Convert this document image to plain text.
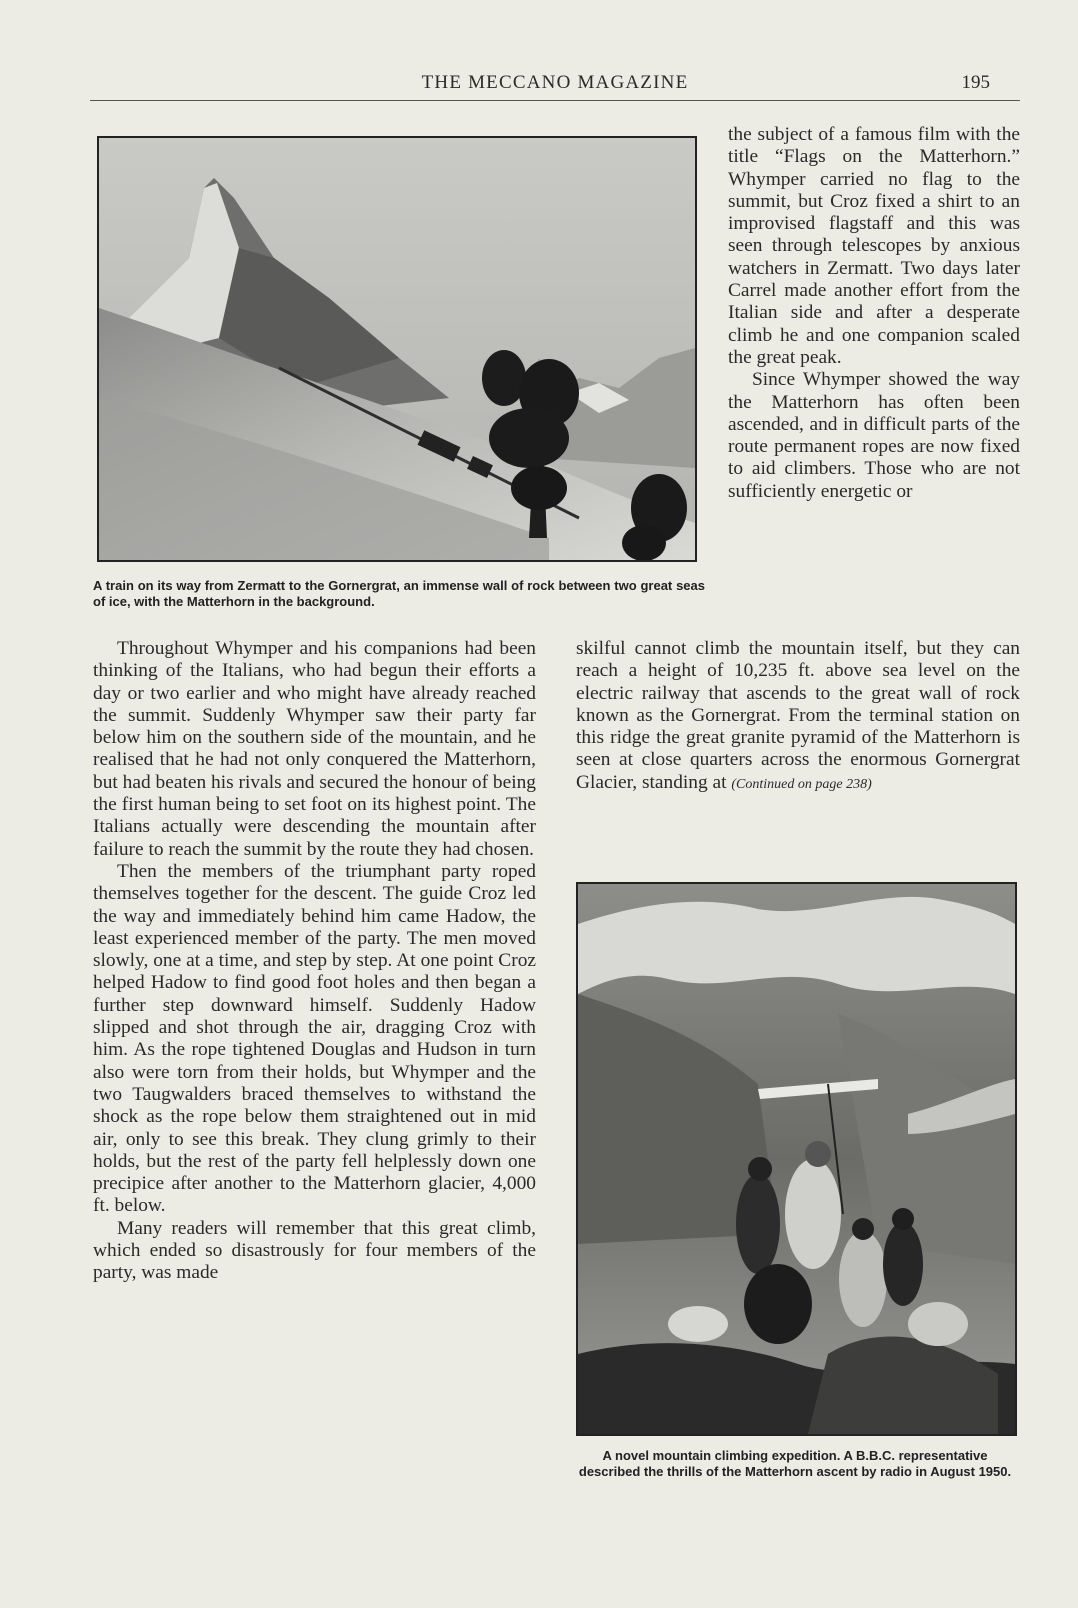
THE MECCANO MAGAZINE	195
A train on its way from Zermatt to the Gornergrat, an immense wall of rock between two great seas of ice, with the Matterhorn in the background.

the subject of a famous film with the title “Flags on the Matterhorn.” Whymper carried no flag to the summit, but Croz fixed a shirt to an improvised flagstaff and this was seen through telescopes by anxious watchers in Zermatt. Two days later Carrel made another effort from the Italian side and after a desperate climb he and one companion scaled the great peak.

Since Whymper showed the way the Matterhorn has often been ascended, and in difficult parts of the route permanent ropes are now fixed to aid climbers. Those who are not sufficiently energetic or

Throughout Whymper and his companions had been thinking of the Italians, who had begun their efforts a day or two earlier and who might have already reached the summit. Suddenly Whymper saw their party far below him on the southern side of the mountain, and he realised that he had not only conquered the Matterhorn, but had beaten his rivals and secured the honour of being the first human being to set foot on its highest point. The Italians actually were descending the mountain after failure to reach the summit by the route they had chosen.

Then the members of the triumphant party roped themselves together for the descent. The guide Croz led the way and immediately behind him came Hadow, the least experienced member of the party. The men moved slowly, one at a time, and step by step. At one point Croz helped Hadow to find good foot holes and then began a further step downward himself. Suddenly Hadow slipped and shot through the air, dragging Croz with him. As the rope tightened Douglas and Hudson in turn also were torn from their holds, but Whymper and the two Taugwalders braced themselves to withstand the shock as the rope below them straightened out in mid air, only to see this break. They clung grimly to their holds, but the rest of the party fell helplessly down one precipice after another to the Matterhorn glacier, 4,000 ft. below.

Many readers will remember that this great climb, which ended so disastrously for four members of the party, was made

skilful cannot climb the mountain itself, but they can reach a height of 10,235 ft. above sea level on the electric railway that ascends to the great wall of rock known as the Gornergrat. From the terminal station on this ridge the great granite pyramid of the Matterhorn is seen at close quarters across the enormous Gornergrat Glacier, standing at (Continued on page 238)

A novel mountain climbing expedition. A B.B.C. representative described the thrills of the Matterhorn ascent by radio in August 1950.
